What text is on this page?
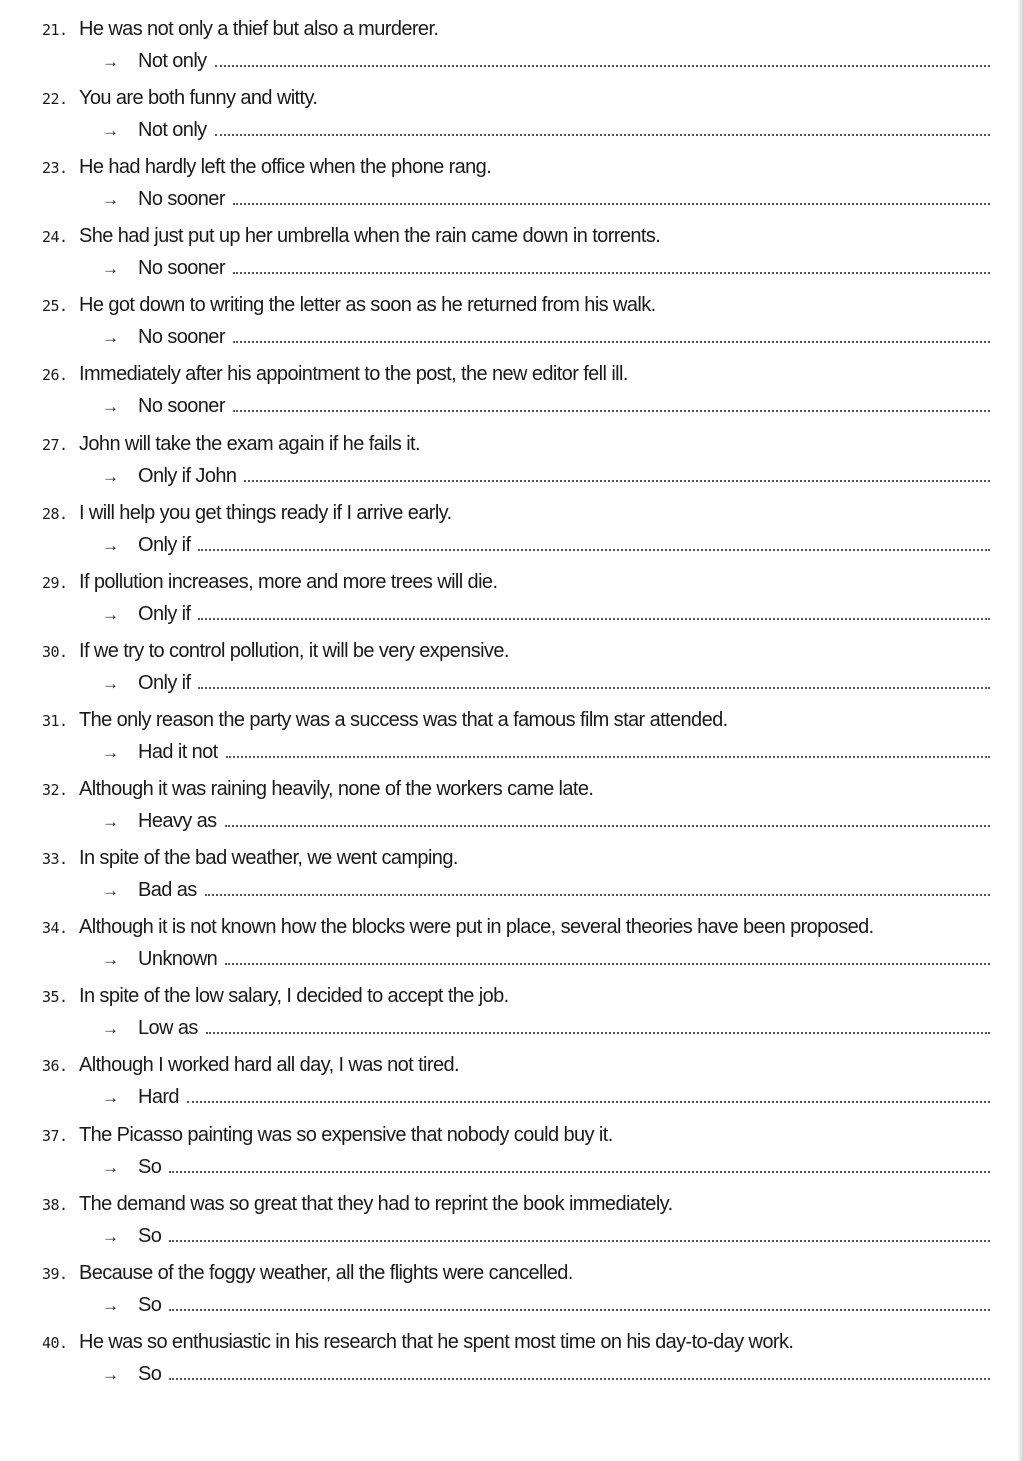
21. He was not only a thief but also a murderer.
→ Not only
22. You are both funny and witty.
→ Not only
23. He had hardly left the office when the phone rang.
→ No sooner
24. She had just put up her umbrella when the rain came down in torrents.
→ No sooner
25. He got down to writing the letter as soon as he returned from his walk.
→ No sooner
26. Immediately after his appointment to the post, the new editor fell ill.
→ No sooner
27. John will take the exam again if he fails it.
→ Only if John
28. I will help you get things ready if I arrive early.
→ Only if
29. If pollution increases, more and more trees will die.
→ Only if
30. If we try to control pollution, it will be very expensive.
→ Only if
31. The only reason the party was a success was that a famous film star attended.
→ Had it not
32. Although it was raining heavily, none of the workers came late.
→ Heavy as
33. In spite of the bad weather, we went camping.
→ Bad as
34. Although it is not known how the blocks were put in place, several theories have been proposed.
→ Unknown
35. In spite of the low salary, I decided to accept the job.
→ Low as
36. Although I worked hard all day, I was not tired.
→ Hard
37. The Picasso painting was so expensive that nobody could buy it.
→ So
38. The demand was so great that they had to reprint the book immediately.
→ So
39. Because of the foggy weather, all the flights were cancelled.
→ So
40. He was so enthusiastic in his research that he spent most time on his day-to-day work.
→ So
